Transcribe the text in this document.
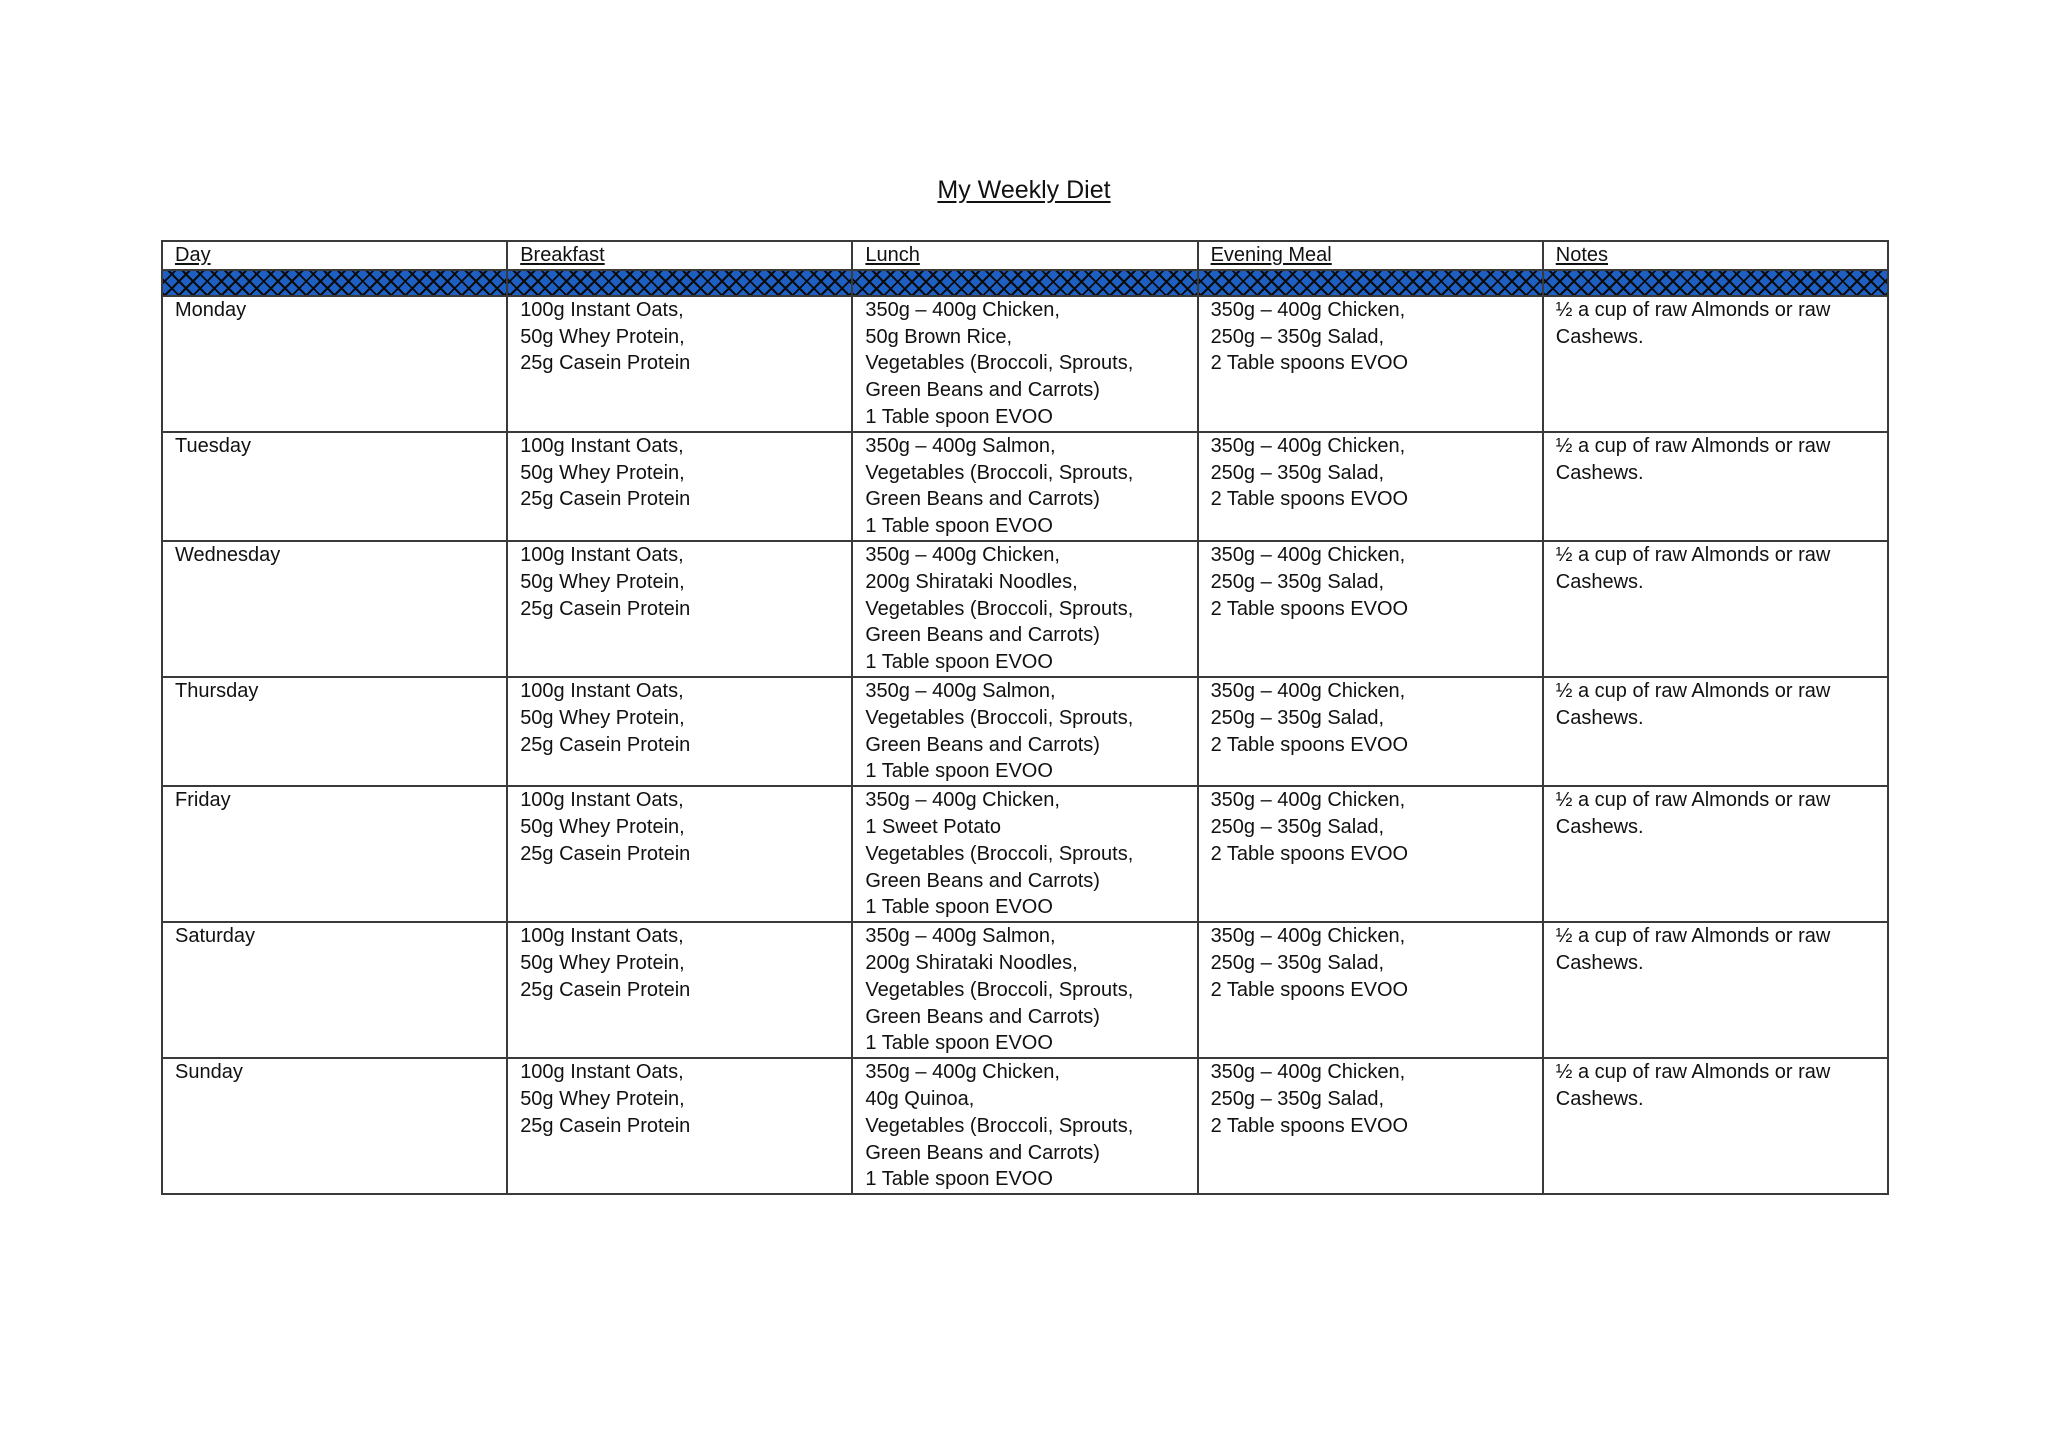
My Weekly Diet
Day	Breakfast	Lunch	Evening Meal	Notes

Monday	100g Instant Oats,
50g Whey Protein,
25g Casein Protein	350g – 400g Chicken,
50g Brown Rice,
Vegetables (Broccoli, Sprouts,
Green Beans and Carrots)
1 Table spoon EVOO	350g – 400g Chicken,
250g – 350g Salad,
2 Table spoons EVOO	½ a cup of raw Almonds or raw
Cashews.

Tuesday	100g Instant Oats,
50g Whey Protein,
25g Casein Protein	350g – 400g Salmon,
Vegetables (Broccoli, Sprouts,
Green Beans and Carrots)
1 Table spoon EVOO	350g – 400g Chicken,
250g – 350g Salad,
2 Table spoons EVOO	½ a cup of raw Almonds or raw
Cashews.

Wednesday	100g Instant Oats,
50g Whey Protein,
25g Casein Protein	350g – 400g Chicken,
200g Shirataki Noodles,
Vegetables (Broccoli, Sprouts,
Green Beans and Carrots)
1 Table spoon EVOO	350g – 400g Chicken,
250g – 350g Salad,
2 Table spoons EVOO	½ a cup of raw Almonds or raw
Cashews.

Thursday	100g Instant Oats,
50g Whey Protein,
25g Casein Protein	350g – 400g Salmon,
Vegetables (Broccoli, Sprouts,
Green Beans and Carrots)
1 Table spoon EVOO	350g – 400g Chicken,
250g – 350g Salad,
2 Table spoons EVOO	½ a cup of raw Almonds or raw
Cashews.

Friday	100g Instant Oats,
50g Whey Protein,
25g Casein Protein	350g – 400g Chicken,
1 Sweet Potato
Vegetables (Broccoli, Sprouts,
Green Beans and Carrots)
1 Table spoon EVOO	350g – 400g Chicken,
250g – 350g Salad,
2 Table spoons EVOO	½ a cup of raw Almonds or raw
Cashews.

Saturday	100g Instant Oats,
50g Whey Protein,
25g Casein Protein	350g – 400g Salmon,
200g Shirataki Noodles,
Vegetables (Broccoli, Sprouts,
Green Beans and Carrots)
1 Table spoon EVOO	350g – 400g Chicken,
250g – 350g Salad,
2 Table spoons EVOO	½ a cup of raw Almonds or raw
Cashews.

Sunday	100g Instant Oats,
50g Whey Protein,
25g Casein Protein	350g – 400g Chicken,
40g Quinoa,
Vegetables (Broccoli, Sprouts,
Green Beans and Carrots)
1 Table spoon EVOO	350g – 400g Chicken,
250g – 350g Salad,
2 Table spoons EVOO	½ a cup of raw Almonds or raw
Cashews.
